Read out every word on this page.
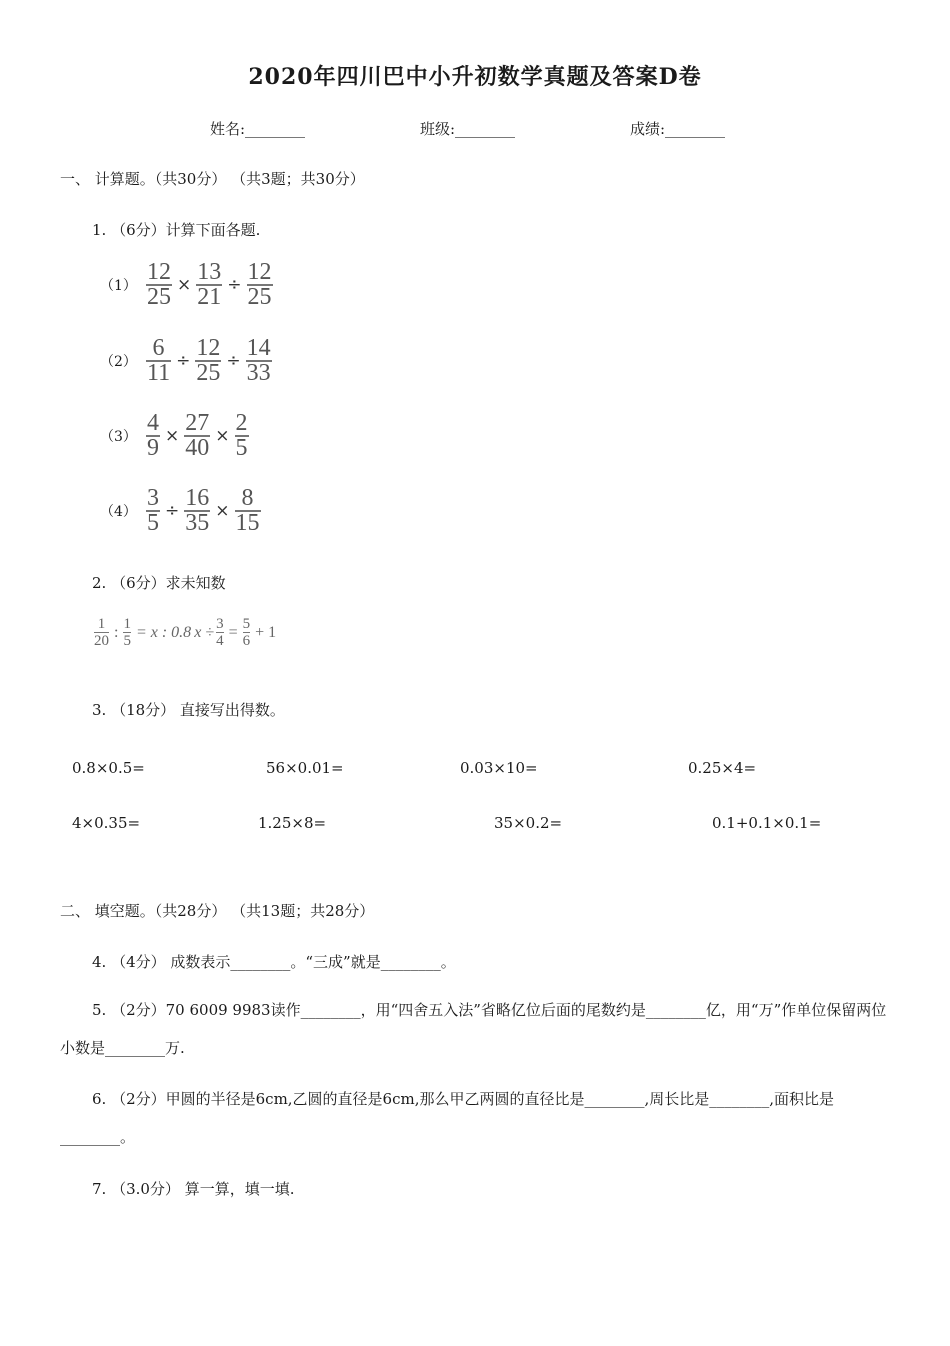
2020年四川巴中小升初数学真题及答案D卷
姓名:________	班级:________	成绩:________
一、 计算题。（共30分） （共3题；共30分）
1. （6分）计算下面各题.
$(1) \frac{12}{25} \times \frac{13}{21} \div \frac{12}{25}$
$(2) \frac{6}{11} \div \frac{12}{25} \div \frac{14}{33}$
$(3) \frac{4}{9} \times \frac{27}{40} \times \frac{2}{5}$
$(4) \frac{3}{5} \div \frac{16}{35} \times \frac{8}{15}$
2. （6分）求未知数
1
20
: 1
5
= x : 0.8 x ÷ 3
4
= 5
6
+ 1
3. （18分） 直接写出得数。
0.8×0.5=	56×0.01=	0.03×10=	0.25×4=
4×0.35=	1.25×8=	35×0.2=	0.1+0.1×0.1=
二、 填空题。（共28分） （共13题；共28分）
4. （4分） 成数表示________。“三成”就是________。
5. （2分）70 6009 9983读作________，用“四舍五入法”省略亿位后面的尾数约是________亿，用“万”作单位保留两位小数是________万.
6. （2分）甲圆的半径是6cm,乙圆的直径是6cm,那么甲乙两圆的直径比是________,周长比是________,面积比是________。
7. （3.0分） 算一算，填一填.
